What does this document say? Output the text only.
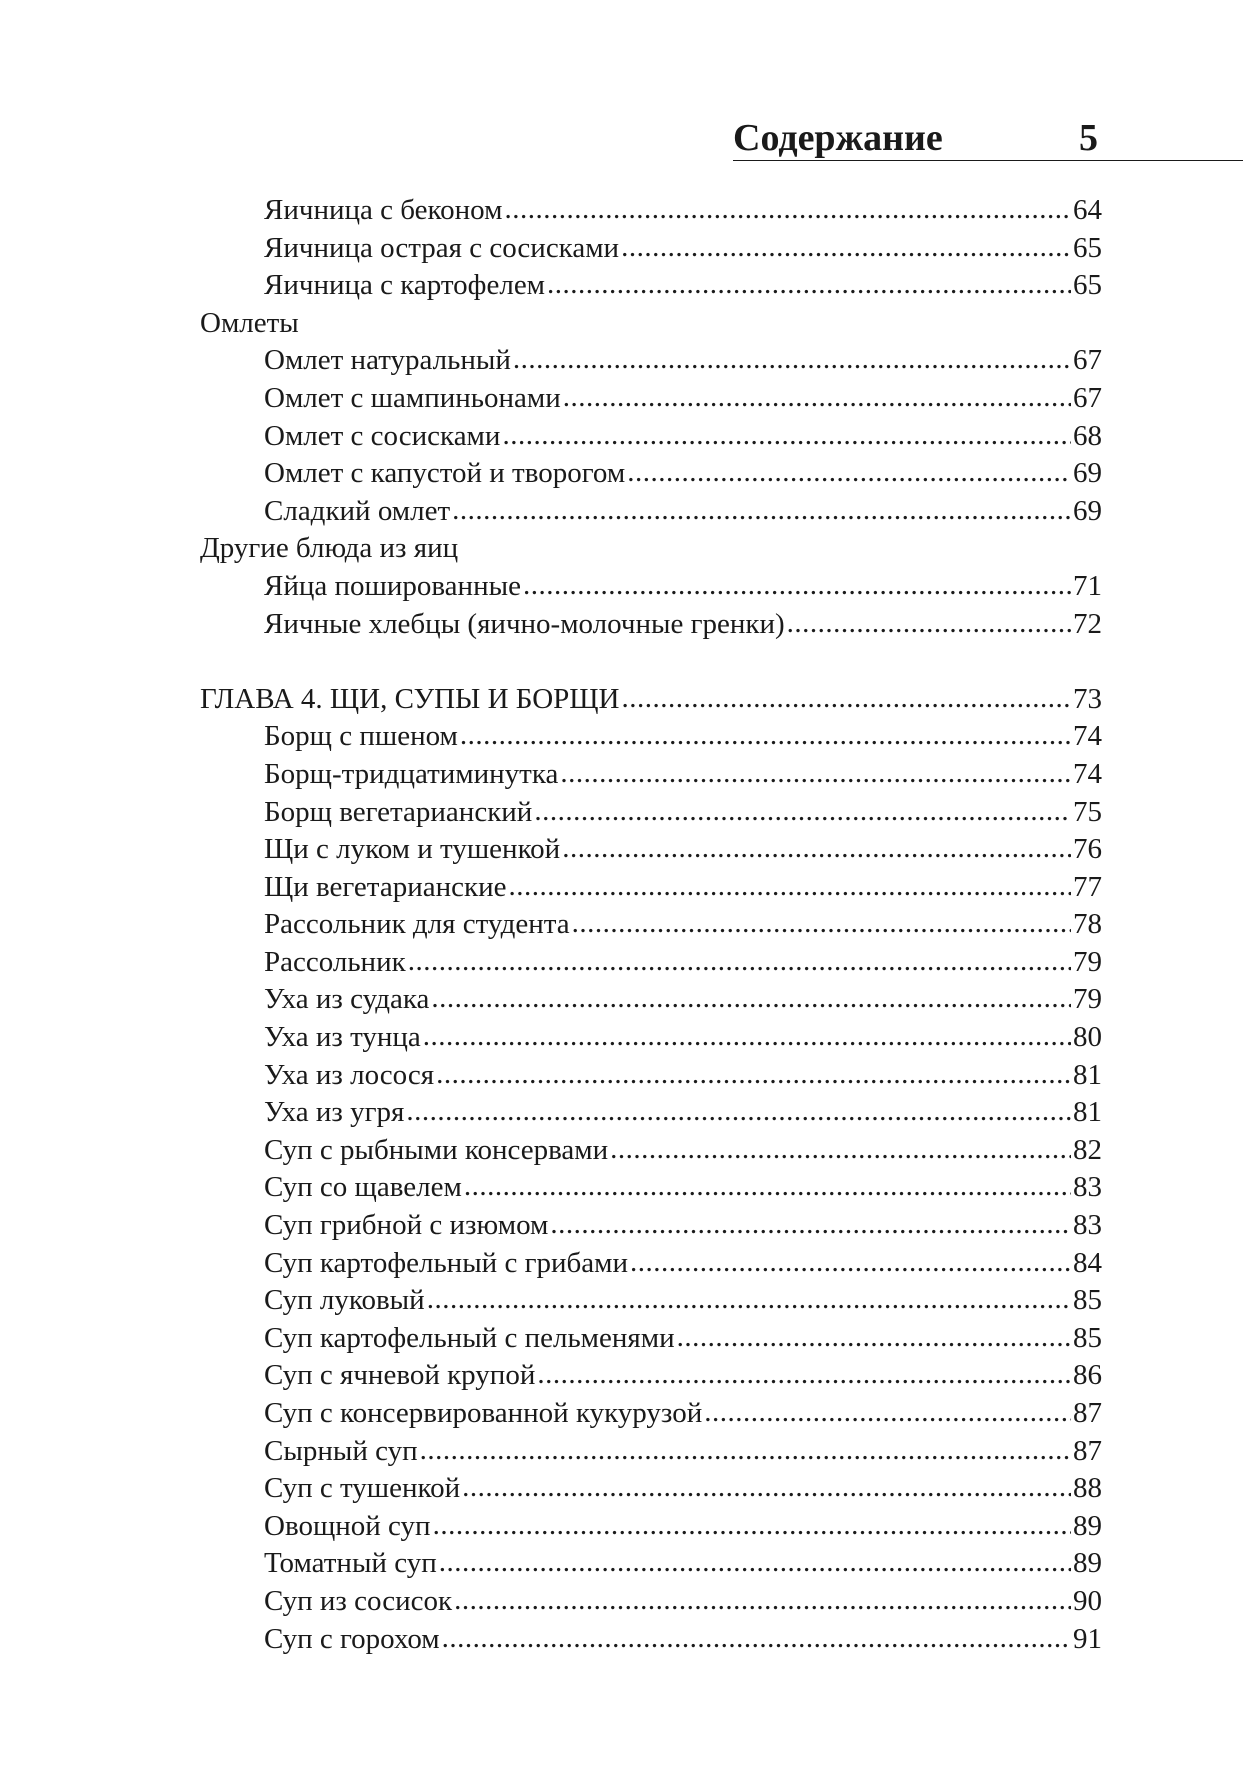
Содержание	5
Яичница с беконом .....	64
Яичница острая с сосисками .....	65
Яичница с картофелем .....	65
Омлеты
Омлет натуральный .....	67
Омлет с шампиньонами .....	67
Омлет с сосисками .....	68
Омлет с капустой и творогом .....	69
Сладкий омлет .....	69
Другие блюда из яиц
Яйца пошированные .....	71
Яичные хлебцы (яично-молочные гренки) .....	72
ГЛАВА 4. ЩИ, СУПЫ И БОРЩИ .....	73
Борщ с пшеном .....	74
Борщ-тридцатиминутка .....	74
Борщ вегетарианский .....	75
Щи с луком и тушенкой .....	76
Щи вегетарианские .....	77
Рассольник для студента .....	78
Рассольник .....	79
Уха из судака .....	79
Уха из тунца .....	80
Уха из лосося .....	81
Уха из угря .....	81
Суп с рыбными консервами .....	82
Суп со щавелем .....	83
Суп грибной с изюмом .....	83
Суп картофельный с грибами .....	84
Суп луковый .....	85
Суп картофельный с пельменями .....	85
Суп с ячневой крупой .....	86
Суп с консервированной кукурузой .....	87
Сырный суп .....	87
Суп с тушенкой .....	88
Овощной суп .....	89
Томатный суп .....	89
Суп из сосисок .....	90
Суп с горохом .....	91
